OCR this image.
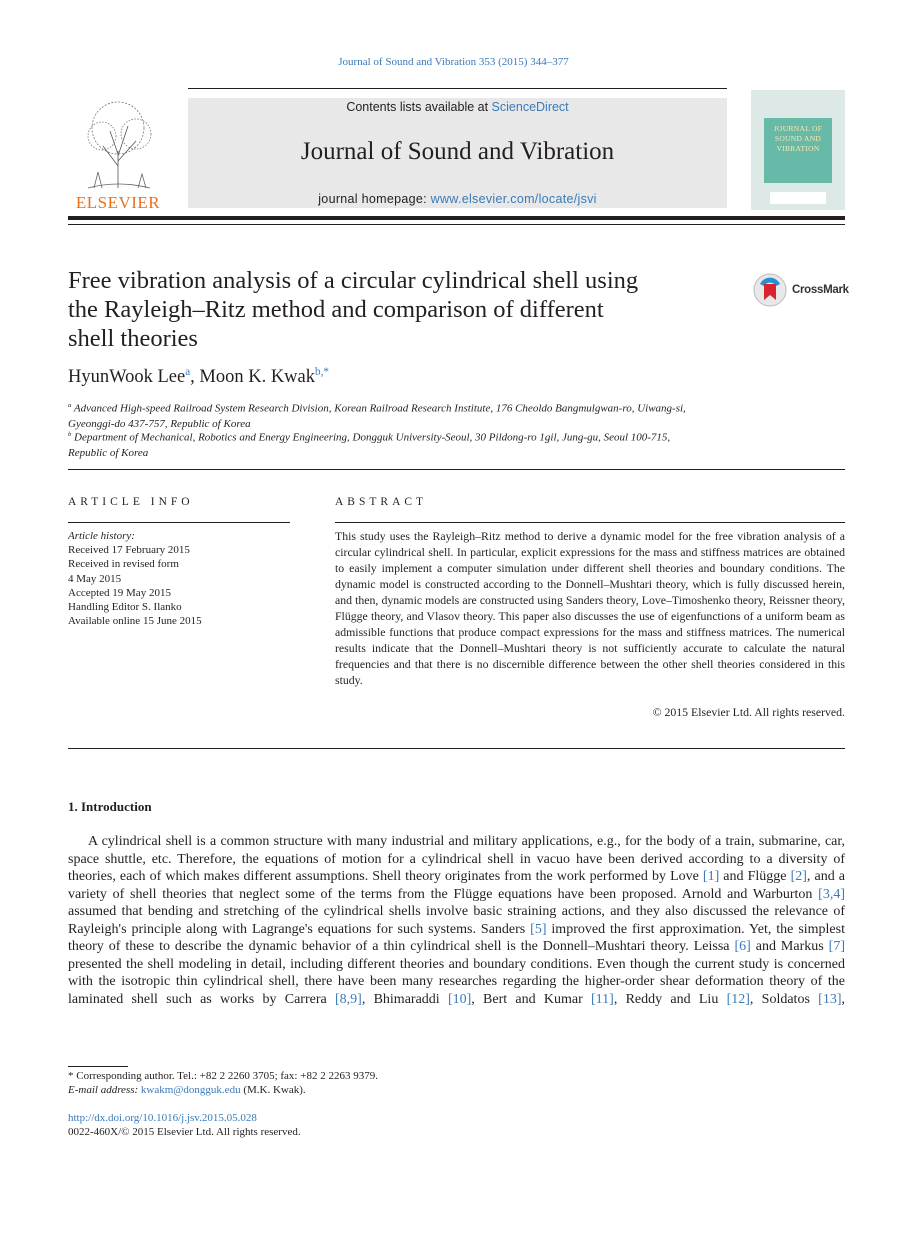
Journal of Sound and Vibration 353 (2015) 344–377
ELSEVIER
Contents lists available at ScienceDirect
Journal of Sound and Vibration
journal homepage: www.elsevier.com/locate/jsvi
JOURNAL OF SOUND AND VIBRATION
Free vibration analysis of a circular cylindrical shell using
the Rayleigh–Ritz method and comparison of different
shell theories
CrossMark
HyunWook Lee$^a$, Moon K. Kwak$^{b,*}$
$^a$ Advanced High-speed Railroad System Research Division, Korean Railroad Research Institute, 176 Cheoldo Bangmulgwan-ro, Uiwang-si,
Gyeonggi-do 437-757, Republic of Korea
$^b$ Department of Mechanical, Robotics and Energy Engineering, Dongguk University-Seoul, 30 Pildong-ro 1gil, Jung-gu, Seoul 100-715,
Republic of Korea
ARTICLE INFO	ABSTRACT
Article history:
Received 17 February 2015
Received in revised form
4 May 2015
Accepted 19 May 2015
Handling Editor S. Ilanko
Available online 15 June 2015
This study uses the Rayleigh–Ritz method to derive a dynamic model for the free vibration analysis of a circular cylindrical shell. In particular, explicit expressions for the mass and stiffness matrices are obtained to easily implement a computer simulation under different shell theories and boundary conditions. The dynamic model is constructed according to the Donnell–Mushtari theory, which is fully discussed herein, and then, dynamic models are constructed using Sanders theory, Love–Timoshenko theory, Reissner theory, Flügge theory, and Vlasov theory. This paper also discusses the use of eigenfunctions of a uniform beam as admissible functions that produce compact expressions for the mass and stiffness matrices. The numerical results indicate that the Donnell–Mushtari theory is not sufficiently accurate to calculate the natural frequencies and that there is no discernible difference between the other shell theories considered in this study.
© 2015 Elsevier Ltd. All rights reserved.
1. Introduction
A cylindrical shell is a common structure with many industrial and military applications, e.g., for the body of a train, submarine, car, space shuttle, etc. Therefore, the equations of motion for a cylindrical shell in vacuo have been derived according to a diversity of theories, each of which makes different assumptions. Shell theory originates from the work performed by Love [1] and Flügge [2], and a variety of shell theories that neglect some of the terms from the Flügge equations have been proposed. Arnold and Warburton [3,4] assumed that bending and stretching of the cylindrical shells involve basic straining actions, and they also discussed the relevance of Rayleigh's principle along with Lagrange's equations for such systems. Sanders [5] improved the first approximation. Yet, the simplest theory of these to describe the dynamic behavior of a thin cylindrical shell is the Donnell–Mushtari theory. Leissa [6] and Markus [7] presented the shell modeling in detail, including different theories and boundary conditions. Even though the current study is concerned with the isotropic thin cylindrical shell, there have been many researches regarding the higher-order shear deformation theory of the laminated shell such as works by Carrera [8,9], Bhimaraddi [10], Bert and Kumar [11], Reddy and Liu [12], Soldatos [13],
* Corresponding author. Tel.: +82 2 2260 3705; fax: +82 2 2263 9379.
E-mail address: kwakm@dongguk.edu (M.K. Kwak).
http://dx.doi.org/10.1016/j.jsv.2015.05.028
0022-460X/© 2015 Elsevier Ltd. All rights reserved.
